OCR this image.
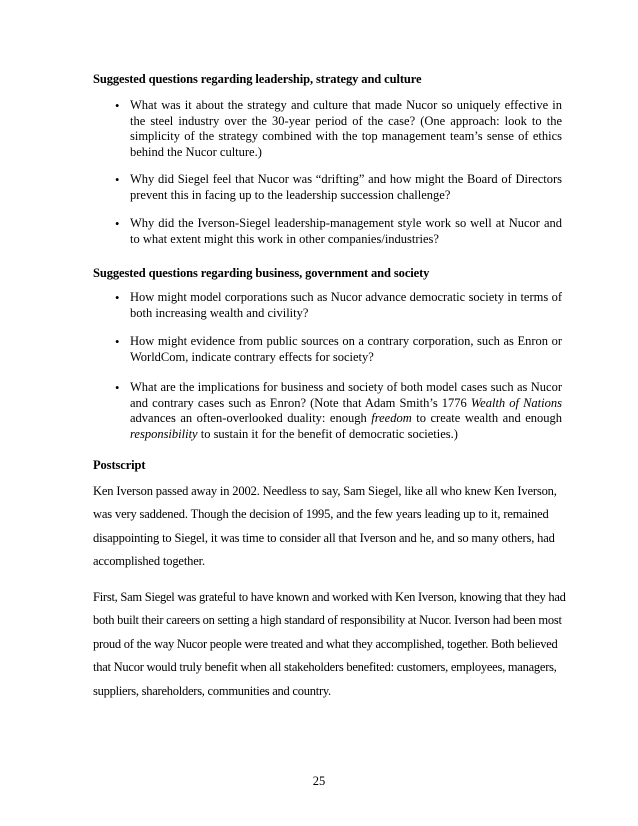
Suggested questions regarding leadership, strategy and culture
• What was it about the strategy and culture that made Nucor so uniquely effective in the steel industry over the 30-year period of the case? (One approach: look to the simplicity of the strategy combined with the top management team’s sense of ethics behind the Nucor culture.)
• Why did Siegel feel that Nucor was “drifting” and how might the Board of Directors prevent this in facing up to the leadership succession challenge?
• Why did the Iverson-Siegel leadership-management style work so well at Nucor and to what extent might this work in other companies/industries?
Suggested questions regarding business, government and society
• How might model corporations such as Nucor advance democratic society in terms of both increasing wealth and civility?
• How might evidence from public sources on a contrary corporation, such as Enron or WorldCom, indicate contrary effects for society?
• What are the implications for business and society of both model cases such as Nucor and contrary cases such as Enron? (Note that Adam Smith’s 1776 Wealth of Nations advances an often-overlooked duality: enough freedom to create wealth and enough responsibility to sustain it for the benefit of democratic societies.)
Postscript
Ken Iverson passed away in 2002. Needless to say, Sam Siegel, like all who knew Ken Iverson, was very saddened. Though the decision of 1995, and the few years leading up to it, remained disappointing to Siegel, it was time to consider all that Iverson and he, and so many others, had accomplished together.
First, Sam Siegel was grateful to have known and worked with Ken Iverson, knowing that they had both built their careers on setting a high standard of responsibility at Nucor. Iverson had been most proud of the way Nucor people were treated and what they accomplished, together. Both believed that Nucor would truly benefit when all stakeholders benefited: customers, employees, managers, suppliers, shareholders, communities and country.
25
